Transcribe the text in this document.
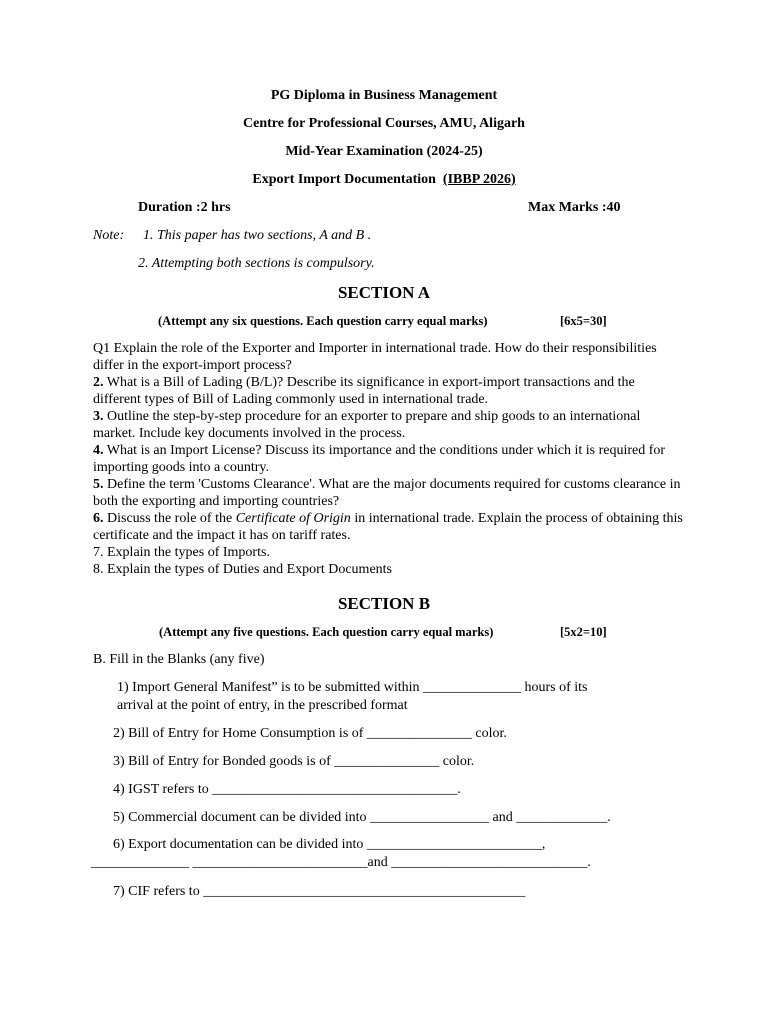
PG Diploma in Business Management
Centre for Professional Courses, AMU, Aligarh
Mid-Year Examination (2024-25)
Export Import Documentation (IBBP 2026)
Duration :2 hrs	Max Marks :40
Note: 1. This paper has two sections, A and B .
2. Attempting both sections is compulsory.
SECTION A
(Attempt any six questions. Each question carry equal marks)	[6x5=30]
Q1 Explain the role of the Exporter and Importer in international trade. How do their responsibilities differ in the export-import process?
2. What is a Bill of Lading (B/L)? Describe its significance in export-import transactions and the different types of Bill of Lading commonly used in international trade.
3. Outline the step-by-step procedure for an exporter to prepare and ship goods to an international market. Include key documents involved in the process.
4. What is an Import License? Discuss its importance and the conditions under which it is required for importing goods into a country.
5. Define the term 'Customs Clearance'. What are the major documents required for customs clearance in both the exporting and importing countries?
6. Discuss the role of the Certificate of Origin in international trade. Explain the process of obtaining this certificate and the impact it has on tariff rates.
7. Explain the types of Imports.
8. Explain the types of Duties and Export Documents
SECTION B
(Attempt any five questions. Each question carry equal marks)	[5x2=10]
B. Fill in the Blanks (any five)
1) Import General Manifest” is to be submitted within ______________ hours of its
arrival at the point of entry, in the prescribed format
2) Bill of Entry for Home Consumption is of _______________ color.
3) Bill of Entry for Bonded goods is of _______________ color.
4) IGST refers to ___________________________________.
5) Commercial document can be divided into _________________ and _____________.
6) Export documentation can be divided into _________________________,
______________ _________________________and ____________________________.
7) CIF refers to ______________________________________________
